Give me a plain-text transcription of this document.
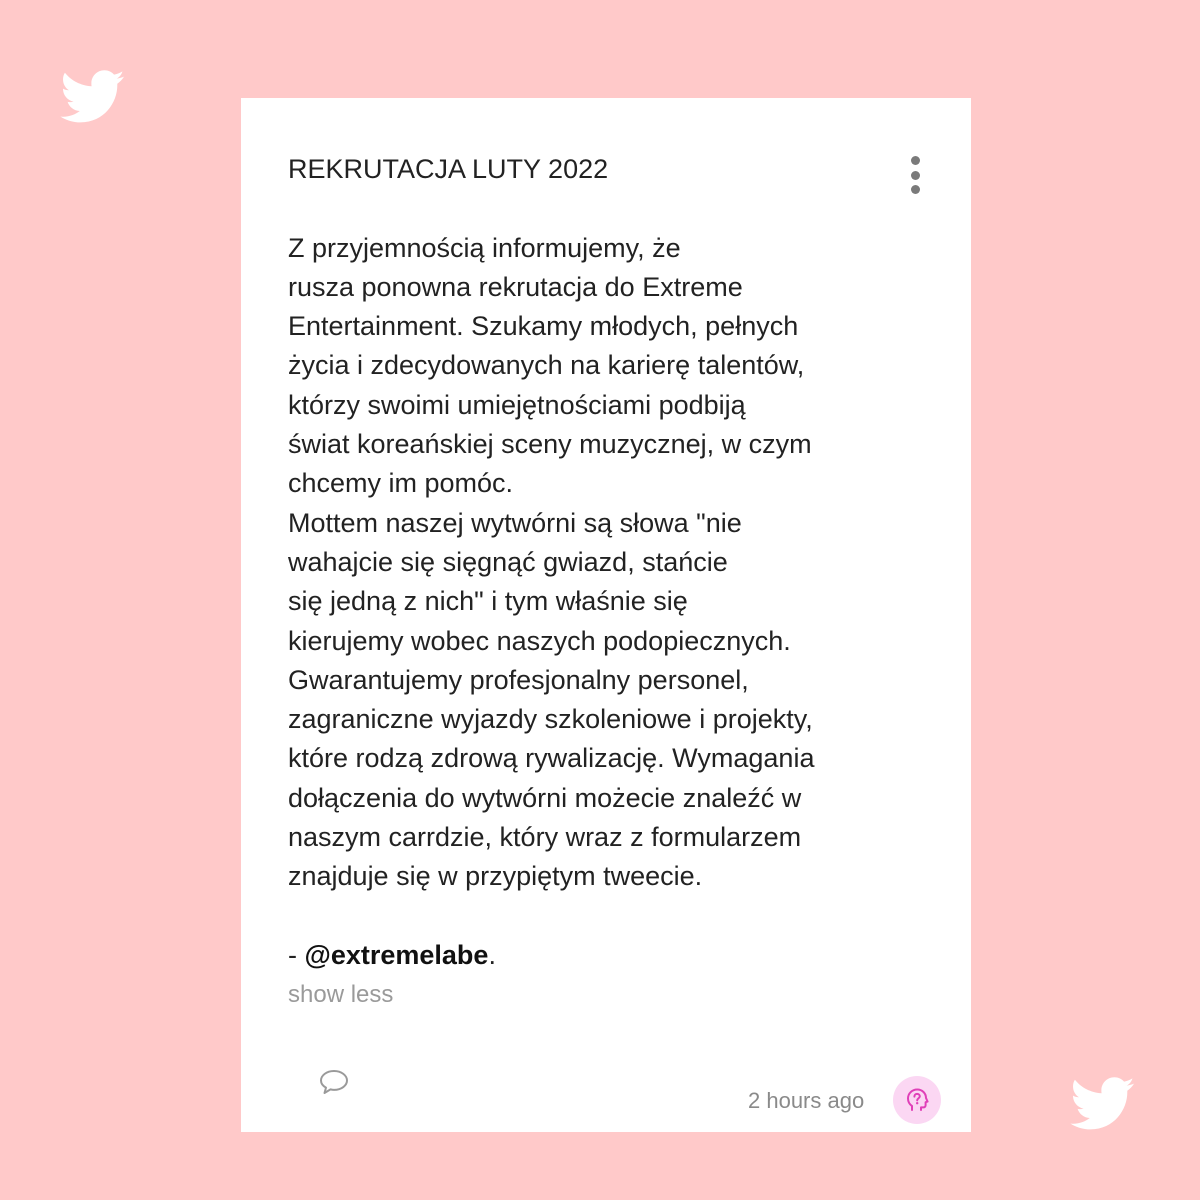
REKRUTACJA LUTY 2022
Z przyjemnością informujemy, że
rusza ponowna rekrutacja do Extreme
Entertainment. Szukamy młodych, pełnych
życia i zdecydowanych na karierę talentów,
którzy swoimi umiejętnościami podbiją
świat koreańskiej sceny muzycznej, w czym
chcemy im pomóc.
Mottem naszej wytwórni są słowa "nie
wahajcie się sięgnąć gwiazd, stańcie
się jedną z nich" i tym właśnie się
kierujemy wobec naszych podopiecznych.
Gwarantujemy profesjonalny personel,
zagraniczne wyjazdy szkoleniowe i projekty,
które rodzą zdrową rywalizację. Wymagania
dołączenia do wytwórni możecie znaleźć w
naszym carrdzie, który wraz z formularzem
znajduje się w przypiętym tweecie.
- @extremelabe.
show less
2 hours ago
